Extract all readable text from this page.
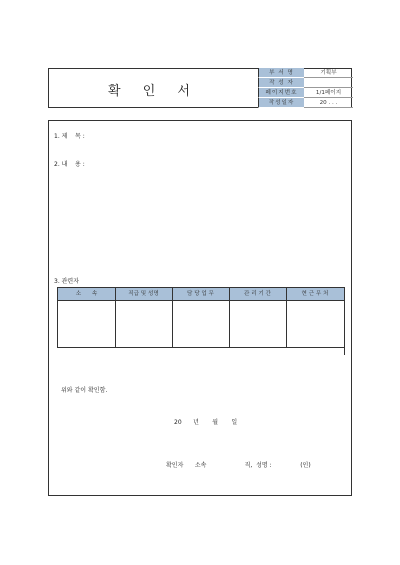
확 인 서
부 서 명	기획부
작 성 자
페이지번호	1/1페이지
작성일자	20 . . .
1. 제    목 :
2. 내    용 :
3. 관련자
소      속	직급 및 성명	담 당 업 무	관 리 기 간	현 근 무 처
위와 같이 확인함.
20      년       월       일
확인자      소속                    직,  성명 :               (인)
